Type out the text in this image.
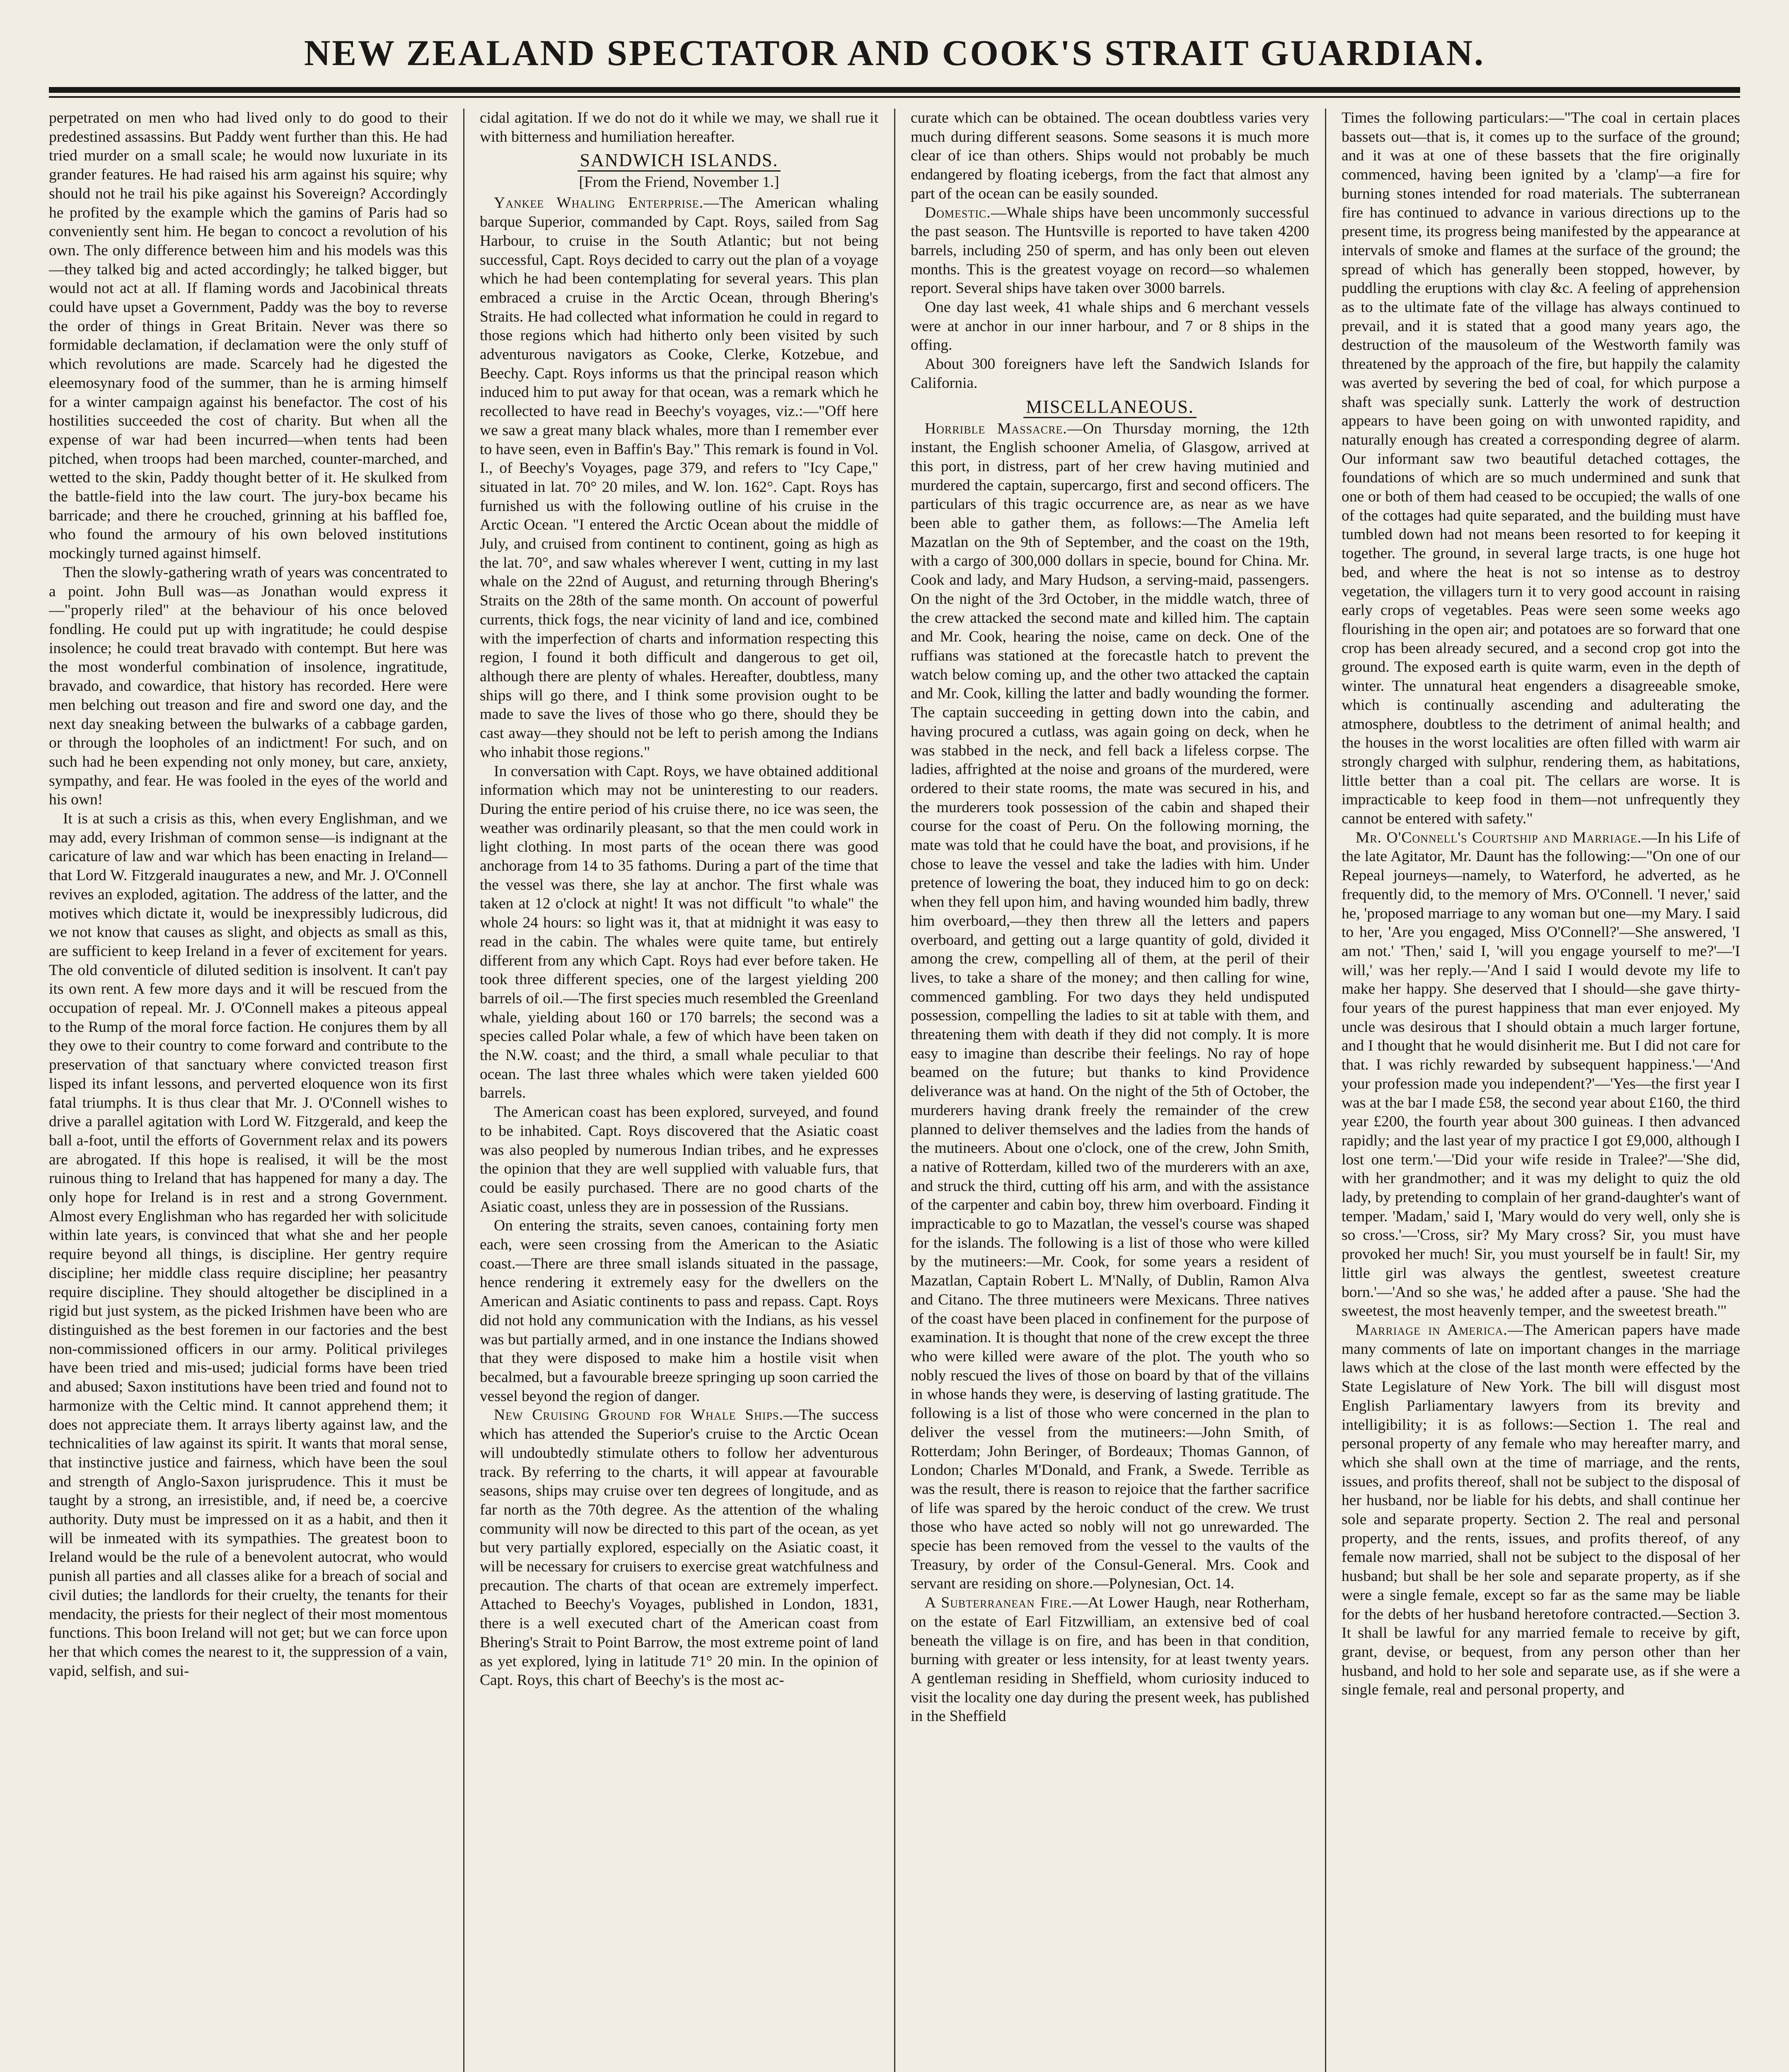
NEW ZEALAND SPECTATOR AND COOK'S STRAIT GUARDIAN.

perpetrated on men who had lived only to do good to their predestined assassins. But Paddy went further than this. He had tried murder on a small scale; he would now luxuriate in its grander features. He had raised his arm against his squire; why should not he trail his pike against his Sovereign? Accordingly he profited by the example which the gamins of Paris had so conveniently sent him. He began to concoct a revolution of his own. The only difference between him and his models was this—they talked big and acted accordingly; he talked bigger, but would not act at all. If flaming words and Jacobinical threats could have upset a Government, Paddy was the boy to reverse the order of things in Great Britain. Never was there so formidable declamation, if declamation were the only stuff of which revolutions are made. Scarcely had he digested the eleemosynary food of the summer, than he is arming himself for a winter campaign against his benefactor. The cost of his hostilities succeeded the cost of charity. But when all the expense of war had been incurred—when tents had been pitched, when troops had been marched, counter-marched, and wetted to the skin, Paddy thought better of it. He skulked from the battle-field into the law court. The jury-box became his barricade; and there he crouched, grinning at his baffled foe, who found the armoury of his own beloved institutions mockingly turned against himself.

Then the slowly-gathering wrath of years was concentrated to a point. John Bull was—as Jonathan would express it—"properly riled" at the behaviour of his once beloved fondling. He could put up with ingratitude; he could despise insolence; he could treat bravado with contempt. But here was the most wonderful combination of insolence, ingratitude, bravado, and cowardice, that history has recorded. Here were men belching out treason and fire and sword one day, and the next day sneaking between the bulwarks of a cabbage garden, or through the loopholes of an indictment! For such, and on such had he been expending not only money, but care, anxiety, sympathy, and fear. He was fooled in the eyes of the world and his own!

It is at such a crisis as this, when every Englishman, and we may add, every Irishman of common sense—is indignant at the caricature of law and war which has been enacting in Ireland—that Lord W. Fitzgerald inaugurates a new, and Mr. J. O'Connell revives an exploded, agitation. The address of the latter, and the motives which dictate it, would be inexpressibly ludicrous, did we not know that causes as slight, and objects as small as this, are sufficient to keep Ireland in a fever of excitement for years. The old conventicle of diluted sedition is insolvent. It can't pay its own rent. A few more days and it will be rescued from the occupation of repeal. Mr. J. O'Connell makes a piteous appeal to the Rump of the moral force faction. He conjures them by all they owe to their country to come forward and contribute to the preservation of that sanctuary where convicted treason first lisped its infant lessons, and perverted eloquence won its first fatal triumphs. It is thus clear that Mr. J. O'Connell wishes to drive a parallel agitation with Lord W. Fitzgerald, and keep the ball a-foot, until the efforts of Government relax and its powers are abrogated. If this hope is realised, it will be the most ruinous thing to Ireland that has happened for many a day. The only hope for Ireland is in rest and a strong Government. Almost every Englishman who has regarded her with solicitude within late years, is convinced that what she and her people require beyond all things, is discipline. Her gentry require discipline; her middle class require discipline; her peasantry require discipline. They should altogether be disciplined in a rigid but just system, as the picked Irishmen have been who are distinguished as the best foremen in our factories and the best non-commissioned officers in our army. Political privileges have been tried and mis-used; judicial forms have been tried and abused; Saxon institutions have been tried and found not to harmonize with the Celtic mind. It cannot apprehend them; it does not appreciate them. It arrays liberty against law, and the technicalities of law against its spirit. It wants that moral sense, that instinctive justice and fairness, which have been the soul and strength of Anglo-Saxon jurisprudence. This it must be taught by a strong, an irresistible, and, if need be, a coercive authority. Duty must be impressed on it as a habit, and then it will be inmeated with its sympathies. The greatest boon to Ireland would be the rule of a benevolent autocrat, who would punish all parties and all classes alike for a breach of social and civil duties; the landlords for their cruelty, the tenants for their mendacity, the priests for their neglect of their most momentous functions. This boon Ireland will not get; but we can force upon her that which comes the nearest to it, the suppression of a vain, vapid, selfish, and sui-

cidal agitation. If we do not do it while we may, we shall rue it with bitterness and humiliation hereafter.

SANDWICH ISLANDS.
[From the Friend, November 1.]

Yankee Whaling Enterprise.—The American whaling barque Superior, commanded by Capt. Roys, sailed from Sag Harbour, to cruise in the South Atlantic; but not being successful, Capt. Roys decided to carry out the plan of a voyage which he had been contemplating for several years. This plan embraced a cruise in the Arctic Ocean, through Bhering's Straits. He had collected what information he could in regard to those regions which had hitherto only been visited by such adventurous navigators as Cooke, Clerke, Kotzebue, and Beechy. Capt. Roys informs us that the principal reason which induced him to put away for that ocean, was a remark which he recollected to have read in Beechy's voyages, viz.:—"Off here we saw a great many black whales, more than I remember ever to have seen, even in Baffin's Bay." This remark is found in Vol. I., of Beechy's Voyages, page 379, and refers to "Icy Cape," situated in lat. 70° 20 miles, and W. lon. 162°. Capt. Roys has furnished us with the following outline of his cruise in the Arctic Ocean. "I entered the Arctic Ocean about the middle of July, and cruised from continent to continent, going as high as the lat. 70°, and saw whales wherever I went, cutting in my last whale on the 22nd of August, and returning through Bhering's Straits on the 28th of the same month. On account of powerful currents, thick fogs, the near vicinity of land and ice, combined with the imperfection of charts and information respecting this region, I found it both difficult and dangerous to get oil, although there are plenty of whales. Hereafter, doubtless, many ships will go there, and I think some provision ought to be made to save the lives of those who go there, should they be cast away—they should not be left to perish among the Indians who inhabit those regions."

In conversation with Capt. Roys, we have obtained additional information which may not be uninteresting to our readers. During the entire period of his cruise there, no ice was seen, the weather was ordinarily pleasant, so that the men could work in light clothing. In most parts of the ocean there was good anchorage from 14 to 35 fathoms. During a part of the time that the vessel was there, she lay at anchor. The first whale was taken at 12 o'clock at night! It was not difficult "to whale" the whole 24 hours: so light was it, that at midnight it was easy to read in the cabin. The whales were quite tame, but entirely different from any which Capt. Roys had ever before taken. He took three different species, one of the largest yielding 200 barrels of oil.—The first species much resembled the Greenland whale, yielding about 160 or 170 barrels; the second was a species called Polar whale, a few of which have been taken on the N.W. coast; and the third, a small whale peculiar to that ocean. The last three whales which were taken yielded 600 barrels.

The American coast has been explored, surveyed, and found to be inhabited. Capt. Roys discovered that the Asiatic coast was also peopled by numerous Indian tribes, and he expresses the opinion that they are well supplied with valuable furs, that could be easily purchased. There are no good charts of the Asiatic coast, unless they are in possession of the Russians.

On entering the straits, seven canoes, containing forty men each, were seen crossing from the American to the Asiatic coast.—There are three small islands situated in the passage, hence rendering it extremely easy for the dwellers on the American and Asiatic continents to pass and repass. Capt. Roys did not hold any communication with the Indians, as his vessel was but partially armed, and in one instance the Indians showed that they were disposed to make him a hostile visit when becalmed, but a favourable breeze springing up soon carried the vessel beyond the region of danger.

New Cruising Ground for Whale Ships.—The success which has attended the Superior's cruise to the Arctic Ocean will undoubtedly stimulate others to follow her adventurous track. By referring to the charts, it will appear at favourable seasons, ships may cruise over ten degrees of longitude, and as far north as the 70th degree. As the attention of the whaling community will now be directed to this part of the ocean, as yet but very partially explored, especially on the Asiatic coast, it will be necessary for cruisers to exercise great watchfulness and precaution. The charts of that ocean are extremely imperfect. Attached to Beechy's Voyages, published in London, 1831, there is a well executed chart of the American coast from Bhering's Strait to Point Barrow, the most extreme point of land as yet explored, lying in latitude 71° 20 min. In the opinion of Capt. Roys, this chart of Beechy's is the most ac-

curate which can be obtained. The ocean doubtless varies very much during different seasons. Some seasons it is much more clear of ice than others. Ships would not probably be much endangered by floating icebergs, from the fact that almost any part of the ocean can be easily sounded.

Domestic.—Whale ships have been uncommonly successful the past season. The Huntsville is reported to have taken 4200 barrels, including 250 of sperm, and has only been out eleven months. This is the greatest voyage on record—so whalemen report. Several ships have taken over 3000 barrels.

One day last week, 41 whale ships and 6 merchant vessels were at anchor in our inner harbour, and 7 or 8 ships in the offing.

About 300 foreigners have left the Sandwich Islands for California.

MISCELLANEOUS.

Horrible Massacre.—On Thursday morning, the 12th instant, the English schooner Amelia, of Glasgow, arrived at this port, in distress, part of her crew having mutinied and murdered the captain, supercargo, first and second officers. The particulars of this tragic occurrence are, as near as we have been able to gather them, as follows:—The Amelia left Mazatlan on the 9th of September, and the coast on the 19th, with a cargo of 300,000 dollars in specie, bound for China. Mr. Cook and lady, and Mary Hudson, a serving-maid, passengers. On the night of the 3rd October, in the middle watch, three of the crew attacked the second mate and killed him. The captain and Mr. Cook, hearing the noise, came on deck. One of the ruffians was stationed at the forecastle hatch to prevent the watch below coming up, and the other two attacked the captain and Mr. Cook, killing the latter and badly wounding the former. The captain succeeding in getting down into the cabin, and having procured a cutlass, was again going on deck, when he was stabbed in the neck, and fell back a lifeless corpse. The ladies, affrighted at the noise and groans of the murdered, were ordered to their state rooms, the mate was secured in his, and the murderers took possession of the cabin and shaped their course for the coast of Peru. On the following morning, the mate was told that he could have the boat, and provisions, if he chose to leave the vessel and take the ladies with him. Under pretence of lowering the boat, they induced him to go on deck: when they fell upon him, and having wounded him badly, threw him overboard,—they then threw all the letters and papers overboard, and getting out a large quantity of gold, divided it among the crew, compelling all of them, at the peril of their lives, to take a share of the money; and then calling for wine, commenced gambling. For two days they held undisputed possession, compelling the ladies to sit at table with them, and threatening them with death if they did not comply. It is more easy to imagine than describe their feelings. No ray of hope beamed on the future; but thanks to kind Providence deliverance was at hand. On the night of the 5th of October, the murderers having drank freely the remainder of the crew planned to deliver themselves and the ladies from the hands of the mutineers. About one o'clock, one of the crew, John Smith, a native of Rotterdam, killed two of the murderers with an axe, and struck the third, cutting off his arm, and with the assistance of the carpenter and cabin boy, threw him overboard. Finding it impracticable to go to Mazatlan, the vessel's course was shaped for the islands. The following is a list of those who were killed by the mutineers:—Mr. Cook, for some years a resident of Mazatlan, Captain Robert L. M'Nally, of Dublin, Ramon Alva and Citano. The three mutineers were Mexicans. Three natives of the coast have been placed in confinement for the purpose of examination. It is thought that none of the crew except the three who were killed were aware of the plot. The youth who so nobly rescued the lives of those on board by that of the villains in whose hands they were, is deserving of lasting gratitude. The following is a list of those who were concerned in the plan to deliver the vessel from the mutineers:—John Smith, of Rotterdam; John Beringer, of Bordeaux; Thomas Gannon, of London; Charles M'Donald, and Frank, a Swede. Terrible as was the result, there is reason to rejoice that the farther sacrifice of life was spared by the heroic conduct of the crew. We trust those who have acted so nobly will not go unrewarded. The specie has been removed from the vessel to the vaults of the Treasury, by order of the Consul-General. Mrs. Cook and servant are residing on shore.—Polynesian, Oct. 14.

A Subterranean Fire.—At Lower Haugh, near Rotherham, on the estate of Earl Fitzwilliam, an extensive bed of coal beneath the village is on fire, and has been in that condition, burning with greater or less intensity, for at least twenty years. A gentleman residing in Sheffield, whom curiosity induced to visit the locality one day during the present week, has published in the Sheffield

Times the following particulars:—"The coal in certain places bassets out—that is, it comes up to the surface of the ground; and it was at one of these bassets that the fire originally commenced, having been ignited by a 'clamp'—a fire for burning stones intended for road materials. The subterranean fire has continued to advance in various directions up to the present time, its progress being manifested by the appearance at intervals of smoke and flames at the surface of the ground; the spread of which has generally been stopped, however, by puddling the eruptions with clay &c. A feeling of apprehension as to the ultimate fate of the village has always continued to prevail, and it is stated that a good many years ago, the destruction of the mausoleum of the Westworth family was threatened by the approach of the fire, but happily the calamity was averted by severing the bed of coal, for which purpose a shaft was specially sunk. Latterly the work of destruction appears to have been going on with unwonted rapidity, and naturally enough has created a corresponding degree of alarm. Our informant saw two beautiful detached cottages, the foundations of which are so much undermined and sunk that one or both of them had ceased to be occupied; the walls of one of the cottages had quite separated, and the building must have tumbled down had not means been resorted to for keeping it together. The ground, in several large tracts, is one huge hot bed, and where the heat is not so intense as to destroy vegetation, the villagers turn it to very good account in raising early crops of vegetables. Peas were seen some weeks ago flourishing in the open air; and potatoes are so forward that one crop has been already secured, and a second crop got into the ground. The exposed earth is quite warm, even in the depth of winter. The unnatural heat engenders a disagreeable smoke, which is continually ascending and adulterating the atmosphere, doubtless to the detriment of animal health; and the houses in the worst localities are often filled with warm air strongly charged with sulphur, rendering them, as habitations, little better than a coal pit. The cellars are worse. It is impracticable to keep food in them—not unfrequently they cannot be entered with safety."

Mr. O'Connell's Courtship and Marriage.—In his Life of the late Agitator, Mr. Daunt has the following:—"On one of our Repeal journeys—namely, to Waterford, he adverted, as he frequently did, to the memory of Mrs. O'Connell. 'I never,' said he, 'proposed marriage to any woman but one—my Mary. I said to her, 'Are you engaged, Miss O'Connell?'—She answered, 'I am not.' 'Then,' said I, 'will you engage yourself to me?'—'I will,' was her reply.—'And I said I would devote my life to make her happy. She deserved that I should—she gave thirty-four years of the purest happiness that man ever enjoyed. My uncle was desirous that I should obtain a much larger fortune, and I thought that he would disinherit me. But I did not care for that. I was richly rewarded by subsequent happiness.'—'And your profession made you independent?'—'Yes—the first year I was at the bar I made £58, the second year about £160, the third year £200, the fourth year about 300 guineas. I then advanced rapidly; and the last year of my practice I got £9,000, although I lost one term.'—'Did your wife reside in Tralee?'—'She did, with her grandmother; and it was my delight to quiz the old lady, by pretending to complain of her grand-daughter's want of temper. 'Madam,' said I, 'Mary would do very well, only she is so cross.'—'Cross, sir? My Mary cross? Sir, you must have provoked her much! Sir, you must yourself be in fault! Sir, my little girl was always the gentlest, sweetest creature born.'—'And so she was,' he added after a pause. 'She had the sweetest, the most heavenly temper, and the sweetest breath.'"

Marriage in America.—The American papers have made many comments of late on important changes in the marriage laws which at the close of the last month were effected by the State Legislature of New York. The bill will disgust most English Parliamentary lawyers from its brevity and intelligibility; it is as follows:—Section 1. The real and personal property of any female who may hereafter marry, and which she shall own at the time of marriage, and the rents, issues, and profits thereof, shall not be subject to the disposal of her husband, nor be liable for his debts, and shall continue her sole and separate property. Section 2. The real and personal property, and the rents, issues, and profits thereof, of any female now married, shall not be subject to the disposal of her husband; but shall be her sole and separate property, as if she were a single female, except so far as the same may be liable for the debts of her husband heretofore contracted.—Section 3. It shall be lawful for any married female to receive by gift, grant, devise, or bequest, from any person other than her husband, and hold to her sole and separate use, as if she were a single female, real and personal property, and
